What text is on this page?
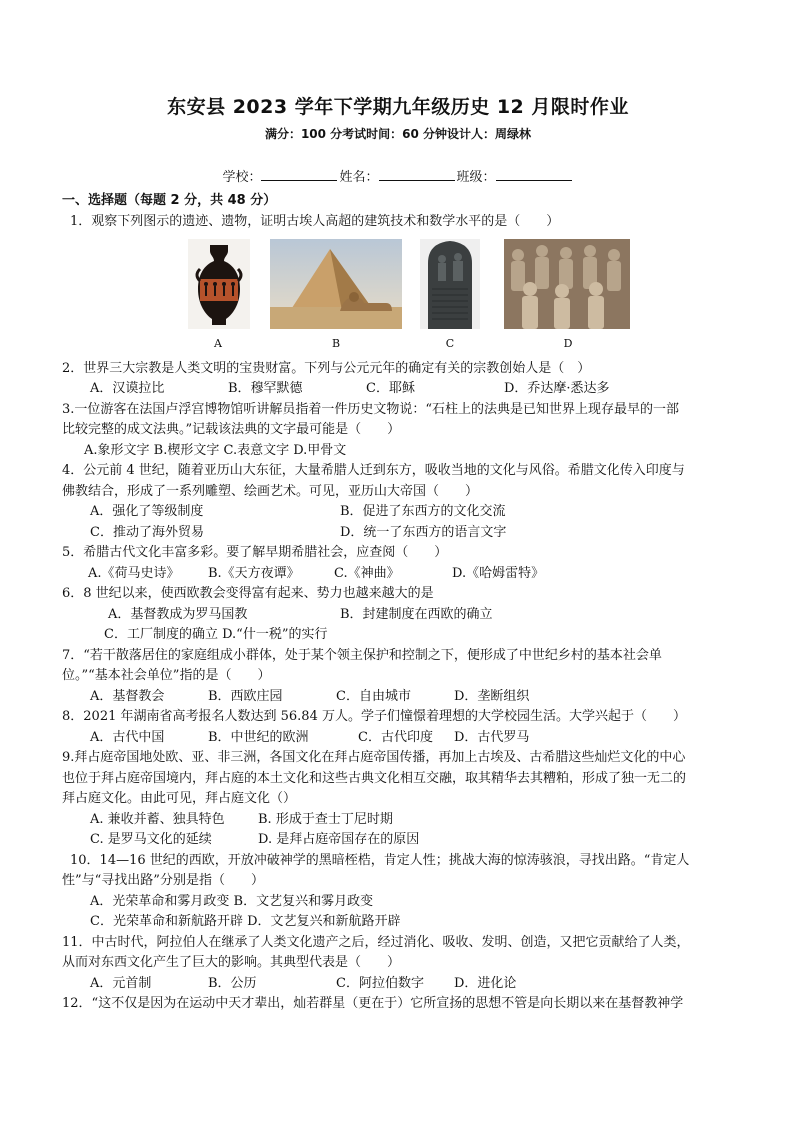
东安县 2023 学年下学期九年级历史 12 月限时作业
满分：100 分考试时间：60 分钟设计人：周绿林
学校：	姓名：	班级：
一、选择题（每题 2 分，共 48 分）
1．观察下列图示的遗迹、遗物，证明古埃人高超的建筑技术和数学水平的是（　　）
A	B	C	D
2．世界三大宗教是人类文明的宝贵财富。下列与公元元年的确定有关的宗教创始人是（　）
A．汉谟拉比	B．穆罕默德	C．耶稣	D．乔达摩·悉达多
3.一位游客在法国卢浮宫博物馆听讲解员指着一件历史文物说：“石柱上的法典是已知世界上现存最早的一部
比较完整的成文法典。”记载该法典的文字最可能是（　　）
A.象形文字 B.楔形文字 C.表意文字 D.甲骨文
4．公元前 4 世纪，随着亚历山大东征，大量希腊人迁到东方，吸收当地的文化与风俗。希腊文化传入印度与
佛教结合，形成了一系列雕塑、绘画艺术。可见，亚历山大帝国（　　）
A．强化了等级制度	B．促进了东西方的文化交流
C．推动了海外贸易	D．统一了东西方的语言文字
5．希腊古代文化丰富多彩。要了解早期希腊社会，应查阅（　　）
A.《荷马史诗》 B.《天方夜谭》	C.《神曲》	D.《哈姆雷特》
6．8 世纪以来，使西欧教会变得富有起来、势力也越来越大的是
A．基督教成为罗马国教	B．封建制度在西欧的确立
C．工厂制度的确立 D.“什一税”的实行
7．“若干散落居住的家庭组成小群体，处于某个领主保护和控制之下，便形成了中世纪乡村的基本社会单
位。”“基本社会单位”指的是（　　）
A．基督教会	B．西欧庄园	C．自由城市	D．垄断组织
8．2021 年湖南省高考报名人数达到 56.84 万人。学子们憧憬着理想的大学校园生活。大学兴起于（　　）
A．古代中国	B．中世纪的欧洲	C．古代印度 D．古代罗马
9.拜占庭帝国地处欧、亚、非三洲，各国文化在拜占庭帝国传播，再加上古埃及、古希腊这些灿烂文化的中心
也位于拜占庭帝国境内，拜占庭的本土文化和这些古典文化相互交融，取其精华去其糟粕，形成了独一无二的
拜占庭文化。由此可见，拜占庭文化（）
A. 兼收并蓄、独具特色	B. 形成于查士丁尼时期
C. 是罗马文化的延续	D. 是拜占庭帝国存在的原因
10．14—16 世纪的西欧，开放冲破神学的黑暗桎梏，肯定人性；挑战大海的惊涛骇浪，寻找出路。“肯定人
性”与“寻找出路”分别是指（　　）
A．光荣革命和雾月政变 B．文艺复兴和雾月政变
C．光荣革命和新航路开辟 D．文艺复兴和新航路开辟
11．中古时代，阿拉伯人在继承了人类文化遗产之后，经过消化、吸收、发明、创造，又把它贡献给了人类，
从而对东西文化产生了巨大的影响。其典型代表是（　　）
A．元首制	B．公历	C．阿拉伯数字 D．进化论
12．“这不仅是因为在运动中天才辈出，灿若群星（更在于）它所宣扬的思想不管是向长期以来在基督教神学
